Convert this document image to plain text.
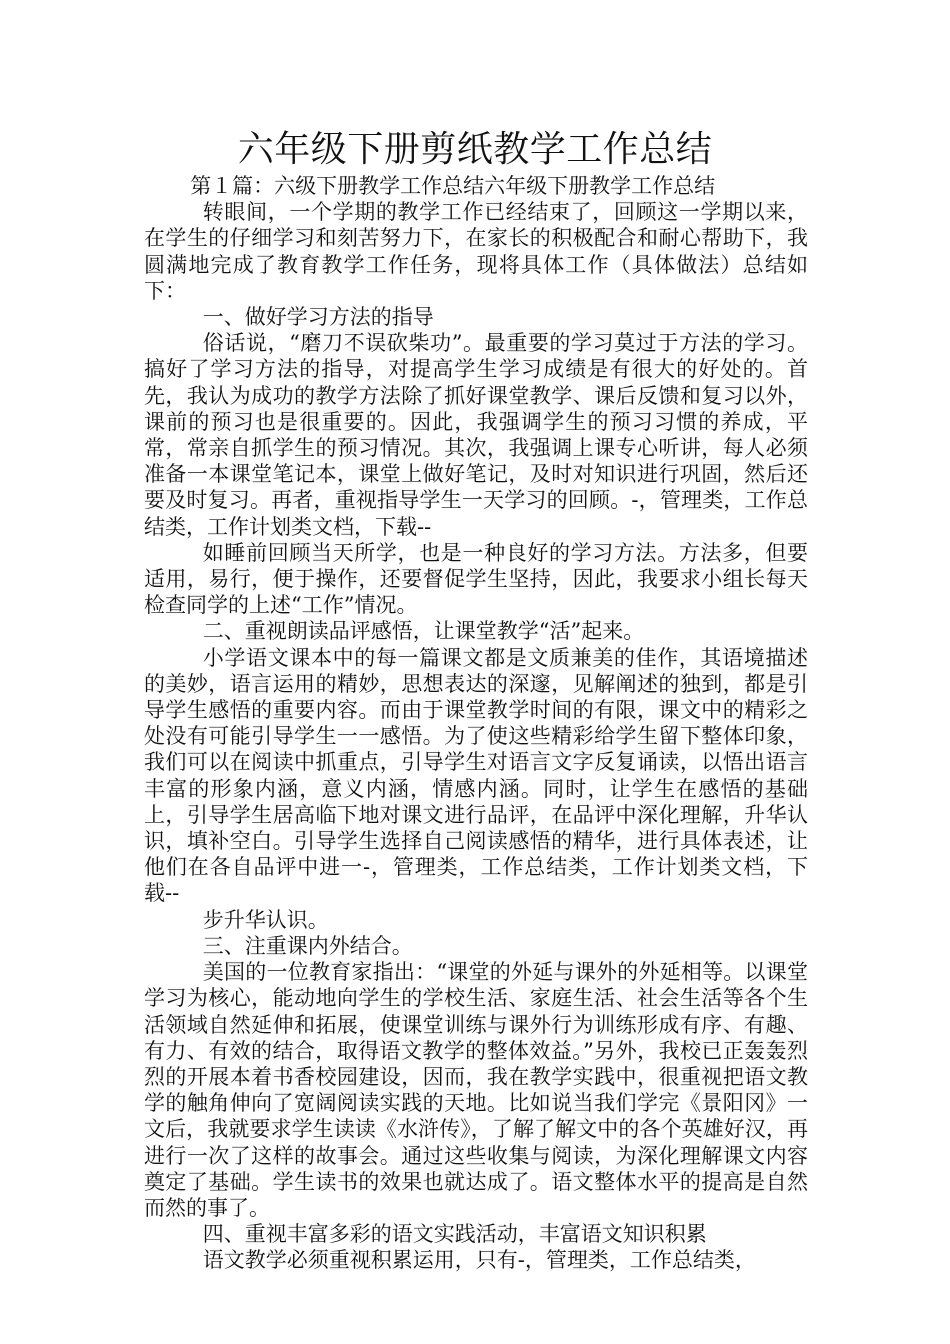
六年级下册剪纸教学工作总结

第１篇：六级下册教学工作总结六年级下册教学工作总结

转眼间，一个学期的教学工作已经结束了，回顾这一学期以来，在学生的仔细学习和刻苦努力下，在家长的积极配合和耐心帮助下，我圆满地完成了教育教学工作任务，现将具体工作（具体做法）总结如下：

一、做好学习方法的指导

俗话说，“磨刀不误砍柴功”。最重要的学习莫过于方法的学习。搞好了学习方法的指导，对提高学生学习成绩是有很大的好处的。首先，我认为成功的教学方法除了抓好课堂教学、课后反馈和复习以外，课前的预习也是很重要的。因此，我强调学生的预习习惯的养成，平常，常亲自抓学生的预习情况。其次，我强调上课专心听讲，每人必须准备一本课堂笔记本，课堂上做好笔记，及时对知识进行巩固，然后还要及时复习。再者，重视指导学生一天学习的回顾。-，管理类，工作总结类，工作计划类文档，下载--

如睡前回顾当天所学，也是一种良好的学习方法。方法多，但要适用，易行，便于操作，还要督促学生坚持，因此，我要求小组长每天检查同学的上述“工作”情况。

二、重视朗读品评感悟，让课堂教学“活”起来。

小学语文课本中的每一篇课文都是文质兼美的佳作，其语境描述的美妙，语言运用的精妙，思想表达的深邃，见解阐述的独到，都是引导学生感悟的重要内容。而由于课堂教学时间的有限，课文中的精彩之处没有可能引导学生一一感悟。为了使这些精彩给学生留下整体印象，我们可以在阅读中抓重点，引导学生对语言文字反复诵读，以悟出语言丰富的形象内涵，意义内涵，情感内涵。同时，让学生在感悟的基础上，引导学生居高临下地对课文进行品评，在品评中深化理解，升华认识，填补空白。引导学生选择自己阅读感悟的精华，进行具体表述，让他们在各自品评中进一-，管理类，工作总结类，工作计划类文档，下载--

步升华认识。

三、注重课内外结合。

美国的一位教育家指出：“课堂的外延与课外的外延相等。以课堂学习为核心，能动地向学生的学校生活、家庭生活、社会生活等各个生活领域自然延伸和拓展，使课堂训练与课外行为训练形成有序、有趣、有力、有效的结合，取得语文教学的整体效益。”另外，我校已正轰轰烈烈的开展本着书香校园建设，因而，我在教学实践中，很重视把语文教学的触角伸向了宽阔阅读实践的天地。比如说当我们学完《景阳冈》一文后，我就要求学生读读《水浒传》，了解了解文中的各个英雄好汉，再进行一次了这样的故事会。通过这些收集与阅读，为深化理解课文内容奠定了基础。学生读书的效果也就达成了。语文整体水平的提高是自然而然的事了。

四、重视丰富多彩的语文实践活动，丰富语文知识积累

语文教学必须重视积累运用，只有-，管理类，工作总结类，
